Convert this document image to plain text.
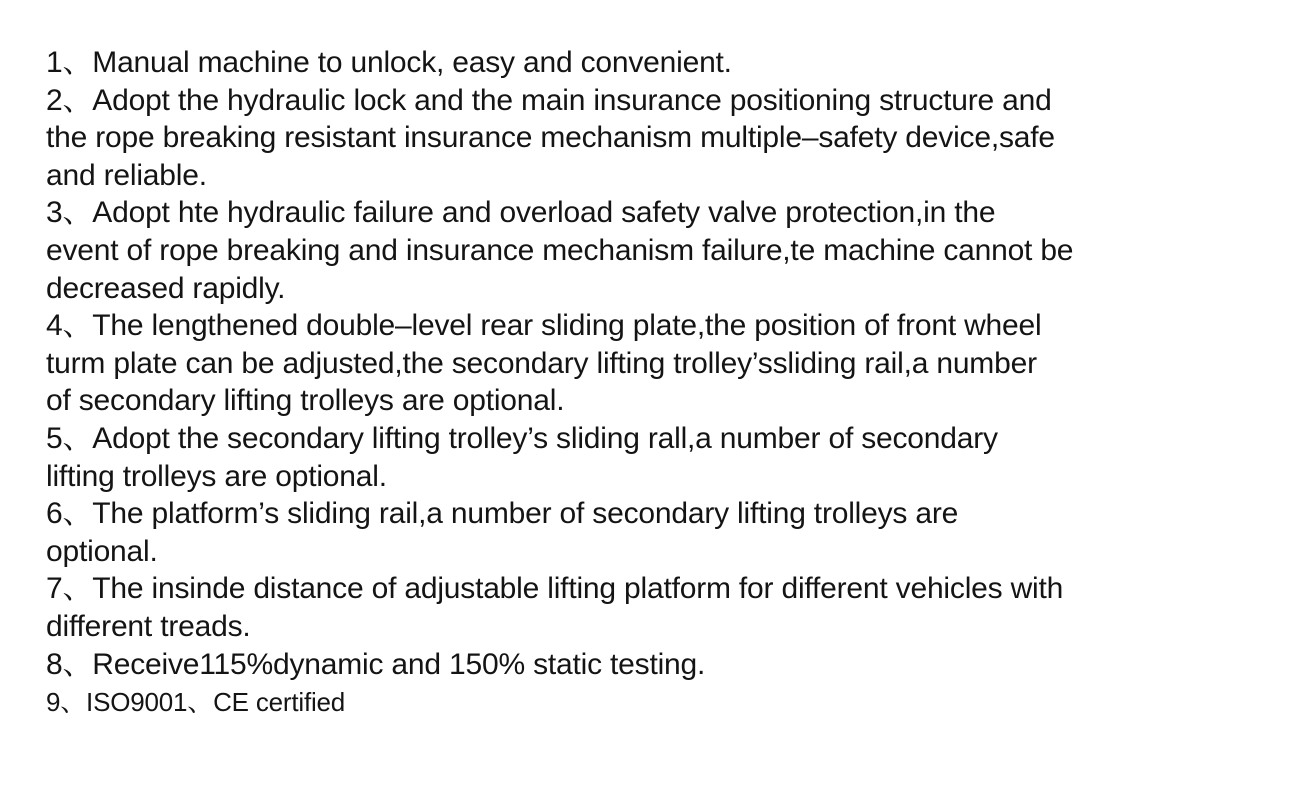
1、Manual machine to unlock, easy and convenient.
2、Adopt the hydraulic lock and the main insurance positioning structure and
the rope breaking resistant insurance mechanism multiple–safety device,safe
and reliable.
3、Adopt hte hydraulic failure and overload safety valve protection,in the
event of rope breaking and insurance mechanism failure,te machine cannot be
decreased rapidly.
4、The lengthened double–level rear sliding plate,the position of front wheel
turm plate can be adjusted,the secondary lifting trolley’ssliding rail,a number
of secondary lifting trolleys are optional.
5、Adopt the secondary lifting trolley’s sliding rall,a number of secondary
lifting trolleys are optional.
6、The platform’s sliding rail,a number of secondary lifting trolleys are
optional.
7、The insinde distance of adjustable lifting platform for different vehicles with
different treads.
8、Receive115%dynamic and 150% static testing.
9、ISO9001、CE certified
